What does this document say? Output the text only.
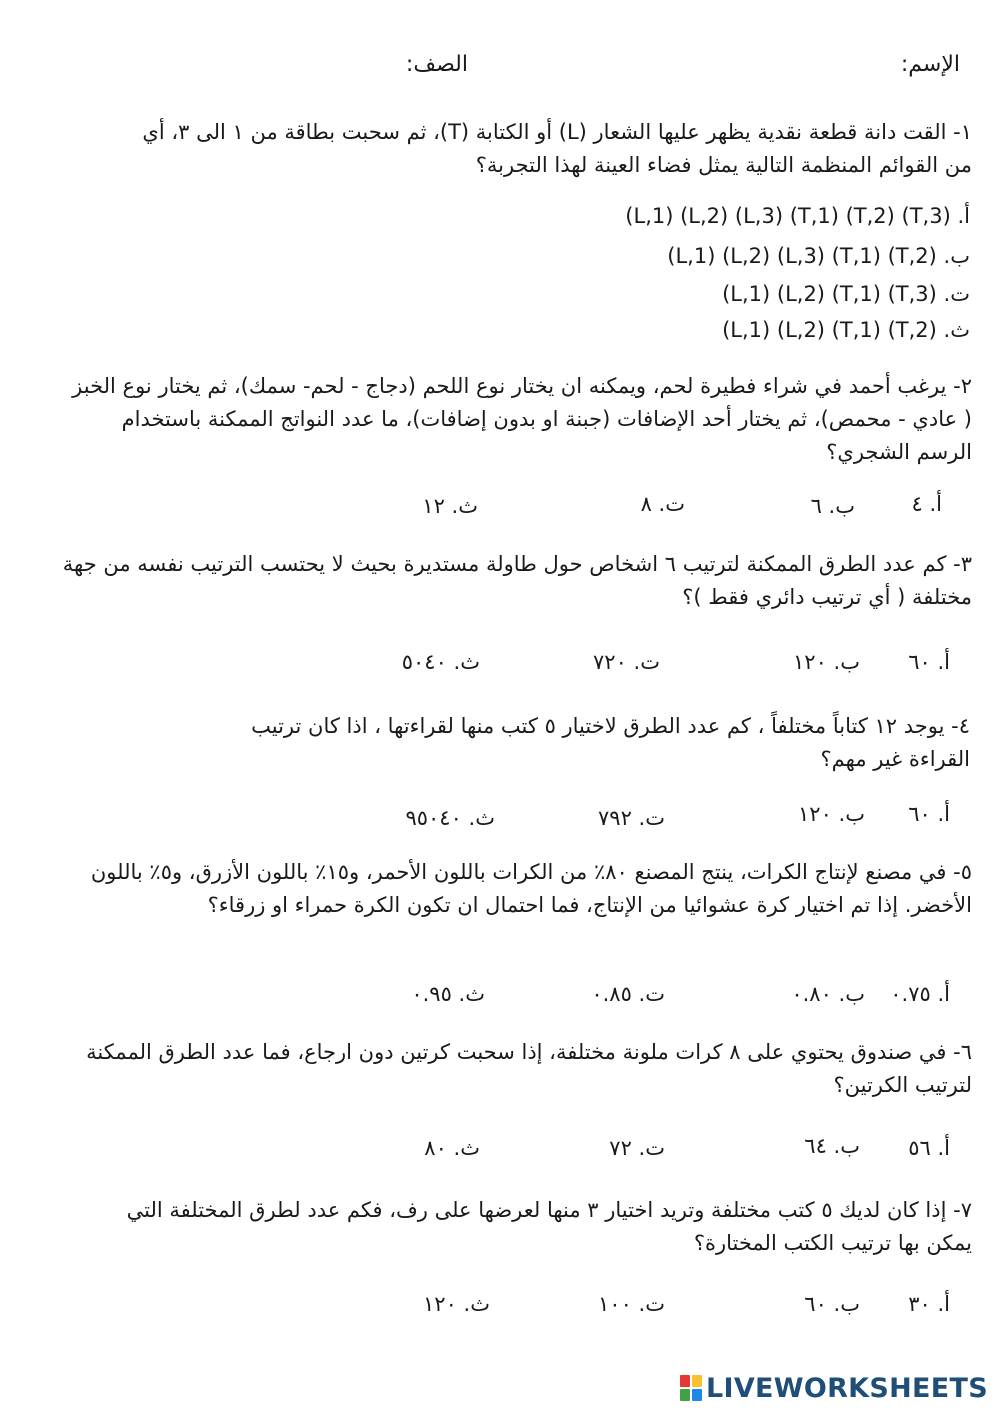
الإسم:
الصف:
١- القت دانة قطعة نقدية يظهر عليها الشعار (L) أو الكتابة (T)، ثم سحبت بطاقة من ١ الى ٣، أي من القوائم المنظمة التالية يمثل فضاء العينة لهذا التجربة؟
أ. (L,1) (L,2) (L,3) (T,1) (T,2) (T,3)
ب. (L,1) (L,2) (L,3) (T,1) (T,2)
ت. (L,1) (L,2) (T,1) (T,3)
ث. (L,1) (L,2) (T,1) (T,2)
٢- يرغب أحمد في شراء فطيرة لحم، ويمكنه ان يختار نوع اللحم (دجاج - لحم- سمك)، ثم يختار نوع الخبز ( عادي - محمص)، ثم يختار أحد الإضافات (جبنة او بدون إضافات)، ما عدد النواتج الممكنة باستخدام الرسم الشجري؟
أ. ٤
ب. ٦
ت. ٨
ث. ١٢
٣- كم عدد الطرق الممكنة لترتيب ٦ اشخاص حول طاولة مستديرة بحيث لا يحتسب الترتيب نفسه من جهة مختلفة ( أي ترتيب دائري فقط )؟
أ. ٦٠
ب. ١٢٠
ت. ٧٢٠
ث. ٥٠٤٠
٤- يوجد ١٢ كتاباً مختلفاً ، كم عدد الطرق لاختيار ٥ كتب منها لقراءتها ، اذا كان ترتيب القراءة غير مهم؟
أ. ٦٠
ب. ١٢٠
ت. ٧٩٢
ث. ٩٥٠٤٠
٥- في مصنع لإنتاج الكرات، ينتج المصنع ٨٠٪ من الكرات باللون الأحمر، و١٥٪ باللون الأزرق، و٥٪ باللون الأخضر. إذا تم اختيار كرة عشوائيا من الإنتاج، فما احتمال ان تكون الكرة حمراء او زرقاء؟
أ. ٠.٧٥
ب. ٠.٨٠
ت. ٠.٨٥
ث. ٠.٩٥
٦- في صندوق يحتوي على ٨ كرات ملونة مختلفة، إذا سحبت كرتين دون ارجاع، فما عدد الطرق الممكنة لترتيب الكرتين؟
أ. ٥٦
ب. ٦٤
ت. ٧٢
ث. ٨٠
٧- إذا كان لديك ٥ كتب مختلفة وتريد اختيار ٣ منها لعرضها على رف، فكم عدد لطرق المختلفة التي يمكن بها ترتيب الكتب المختارة؟
أ. ٣٠
ب. ٦٠
ت. ١٠٠
ث. ١٢٠
LIVEWORKSHEETS
